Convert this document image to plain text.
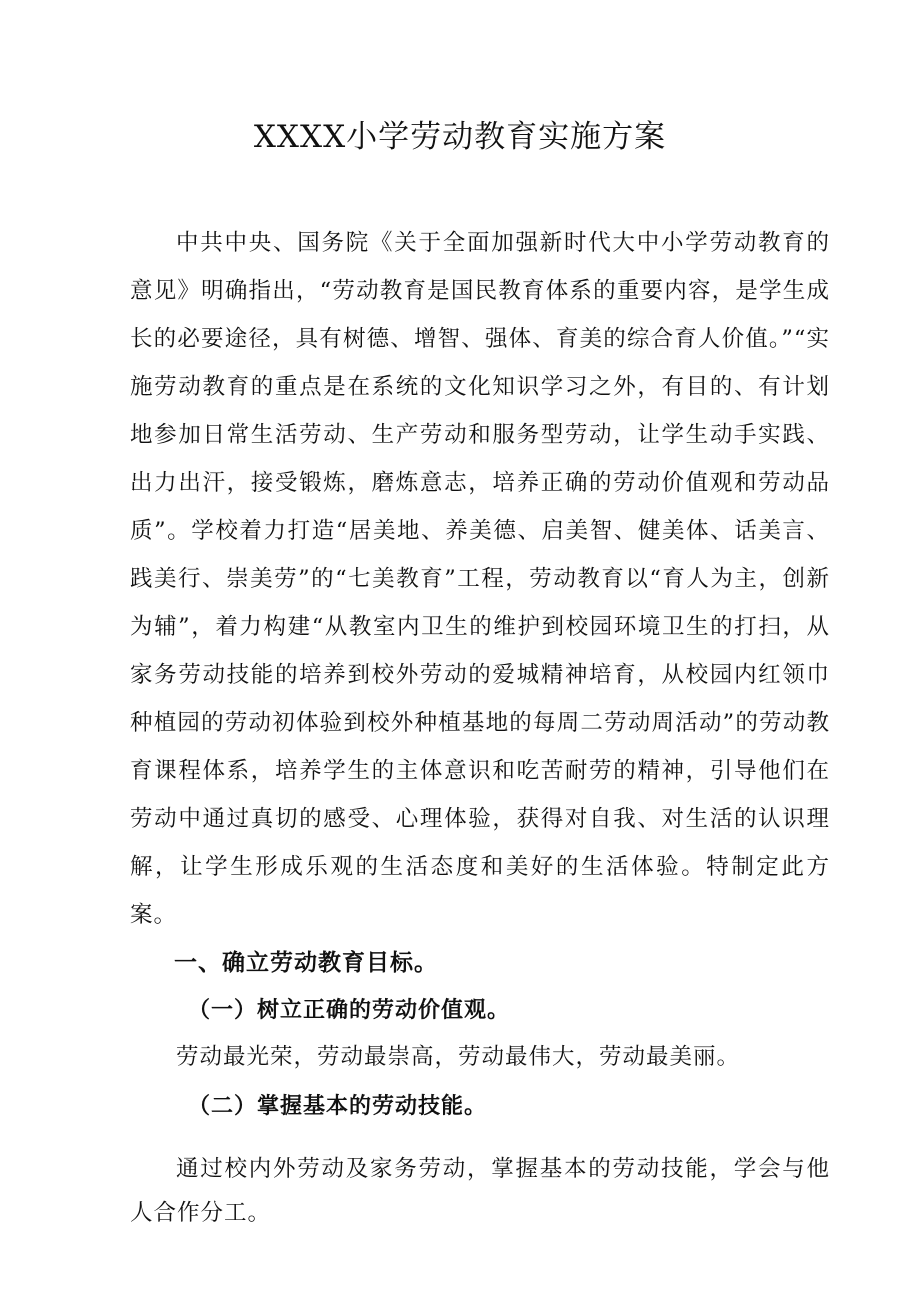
XXXX小学劳动教育实施方案

中共中央、国务院《关于全面加强新时代大中小学劳动教育的意见》明确指出，“劳动教育是国民教育体系的重要内容，是学生成长的必要途径，具有树德、增智、强体、育美的综合育人价值。”“实施劳动教育的重点是在系统的文化知识学习之外，有目的、有计划地参加日常生活劳动、生产劳动和服务型劳动，让学生动手实践、出力出汗，接受锻炼，磨炼意志，培养正确的劳动价值观和劳动品质”。学校着力打造“居美地、养美德、启美智、健美体、话美言、践美行、崇美劳”的“七美教育”工程，劳动教育以“育人为主，创新为辅”，着力构建“从教室内卫生的维护到校园环境卫生的打扫，从家务劳动技能的培养到校外劳动的爱城精神培育，从校园内红领巾种植园的劳动初体验到校外种植基地的每周二劳动周活动”的劳动教育课程体系，培养学生的主体意识和吃苦耐劳的精神，引导他们在劳动中通过真切的感受、心理体验，获得对自我、对生活的认识理解，让学生形成乐观的生活态度和美好的生活体验。特制定此方案。

一、确立劳动教育目标。
（一）树立正确的劳动价值观。

劳动最光荣，劳动最崇高，劳动最伟大，劳动最美丽。

（二）掌握基本的劳动技能。

通过校内外劳动及家务劳动，掌握基本的劳动技能，学会与他人合作分工。
